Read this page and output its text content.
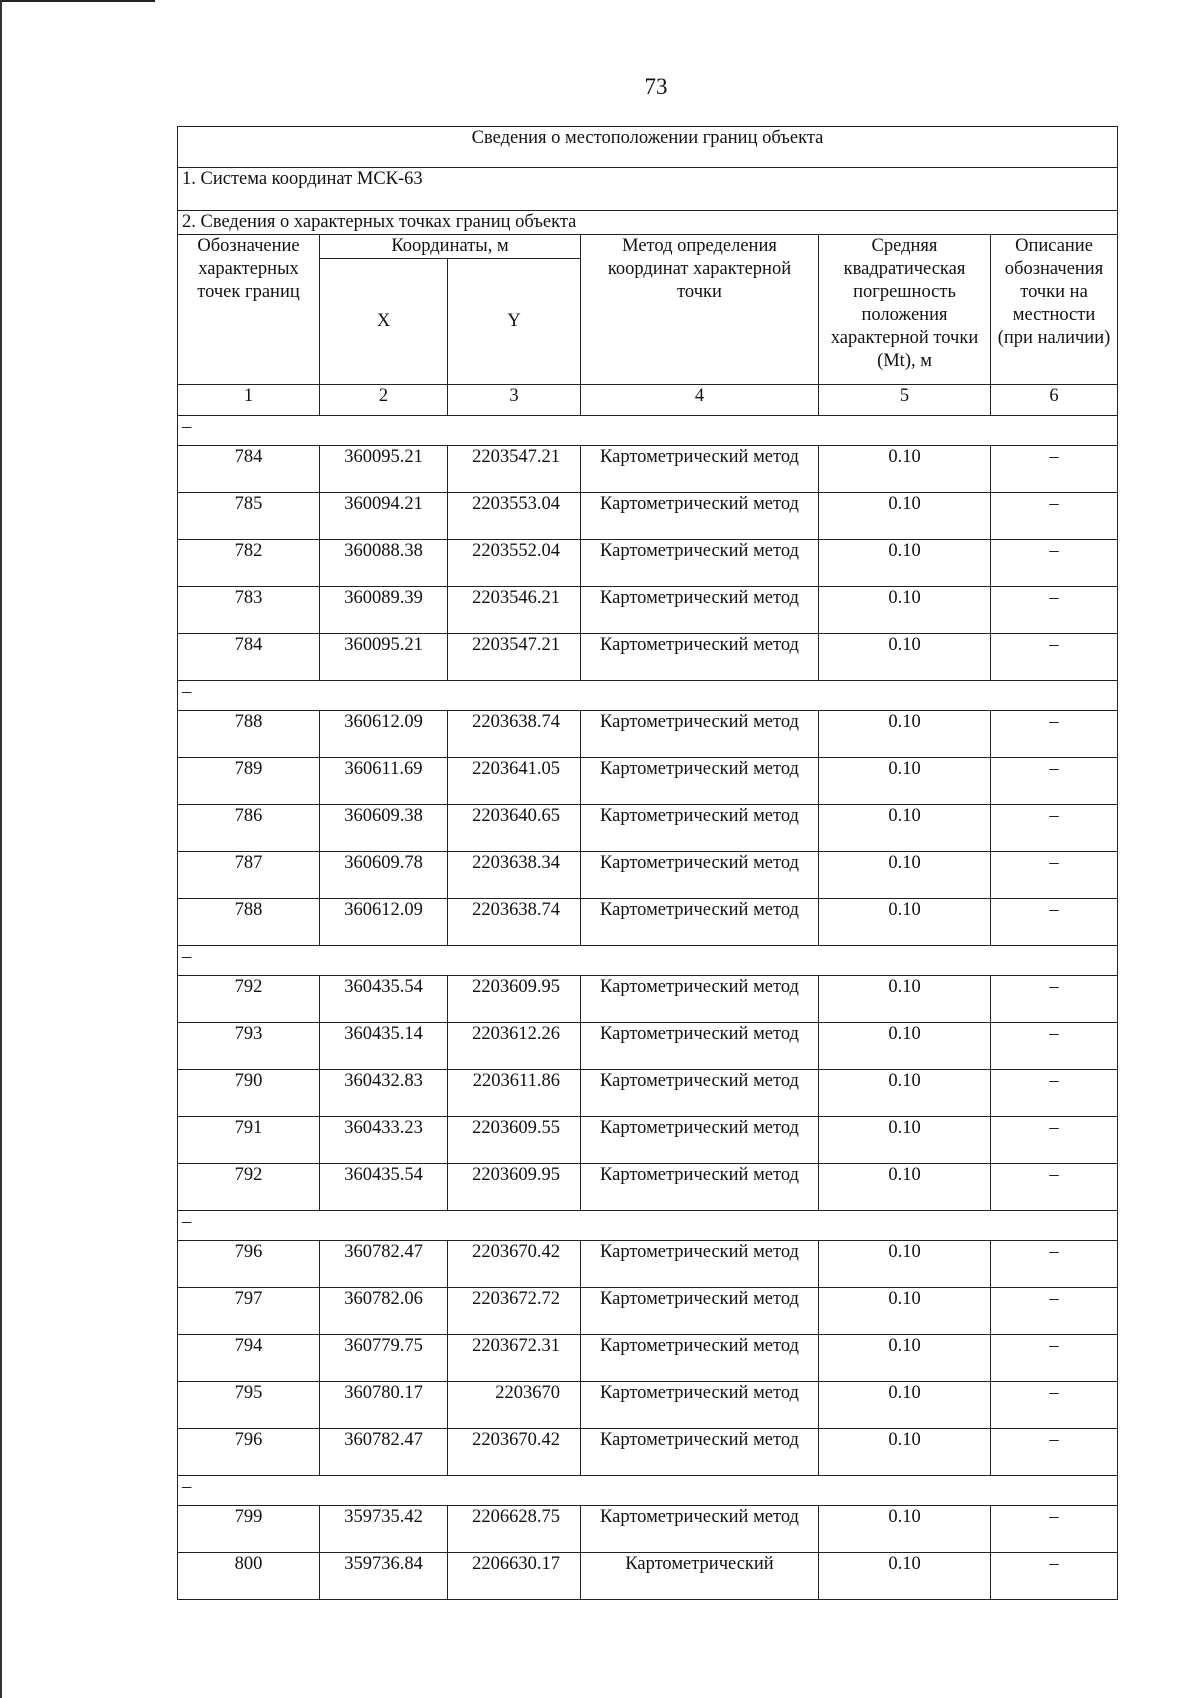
73
Сведения о местоположении границ объекта					
1. Система координат МСК-63					
2. Сведения о характерных точках границ объекта					
Обозначение характерных точек границ	Координаты, м		Метод определения координат характерной точки	Средняя квадратическая погрешность положения характерной точки (Mt), м	Описание обозначения точки на местности (при наличии)
	X	Y			
1	2	3	4	5	6
–					
784	360095.21	2203547.21	Картометрический метод	0.10	–
785	360094.21	2203553.04	Картометрический метод	0.10	–
782	360088.38	2203552.04	Картометрический метод	0.10	–
783	360089.39	2203546.21	Картометрический метод	0.10	–
784	360095.21	2203547.21	Картометрический метод	0.10	–
–					
788	360612.09	2203638.74	Картометрический метод	0.10	–
789	360611.69	2203641.05	Картометрический метод	0.10	–
786	360609.38	2203640.65	Картометрический метод	0.10	–
787	360609.78	2203638.34	Картометрический метод	0.10	–
788	360612.09	2203638.74	Картометрический метод	0.10	–
–					
792	360435.54	2203609.95	Картометрический метод	0.10	–
793	360435.14	2203612.26	Картометрический метод	0.10	–
790	360432.83	2203611.86	Картометрический метод	0.10	–
791	360433.23	2203609.55	Картометрический метод	0.10	–
792	360435.54	2203609.95	Картометрический метод	0.10	–
–					
796	360782.47	2203670.42	Картометрический метод	0.10	–
797	360782.06	2203672.72	Картометрический метод	0.10	–
794	360779.75	2203672.31	Картометрический метод	0.10	–
795	360780.17	2203670	Картометрический метод	0.10	–
796	360782.47	2203670.42	Картометрический метод	0.10	–
–					
799	359735.42	2206628.75	Картометрический метод	0.10	–
800	359736.84	2206630.17	Картометрический	0.10	–
